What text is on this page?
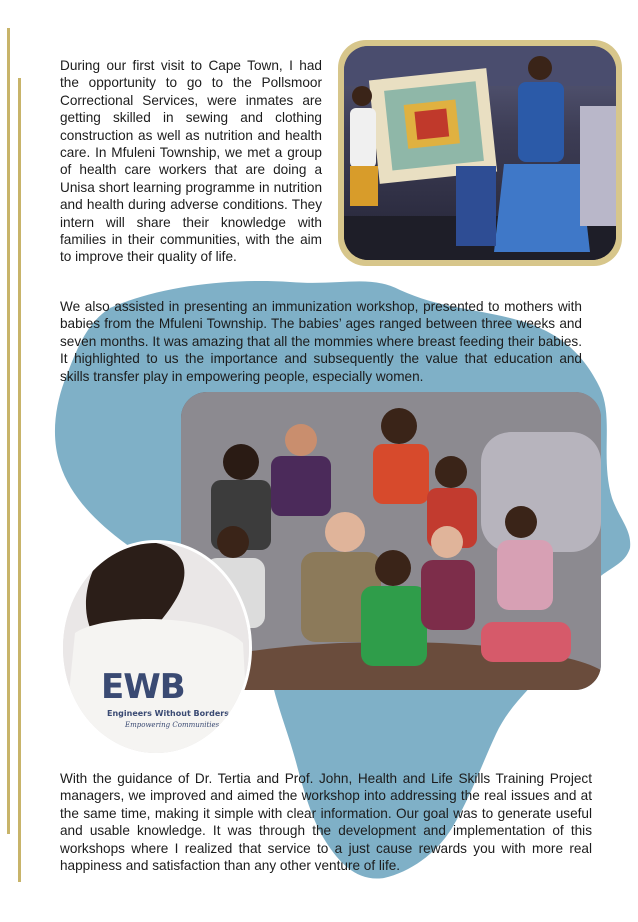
During our first visit to Cape Town, I had the opportunity to go to the Pollsmoor Correctional Services, were inmates are getting skilled in sewing and clothing construction as well as nutrition and health care. In Mfuleni Township, we met a group of health care workers that are doing a Unisa short learning programme in nutrition and health during adverse conditions. They intern will share their knowledge with families in their communities, with the aim to improve their quality of life.

We also assisted in presenting an immunization workshop, presented to mothers with babies from the Mfuleni Township. The babies’ ages ranged between three weeks and seven months. It was amazing that all the mommies where breast feeding their babies. It highlighted to us the importance and subsequently the value that education and skills transfer play in empowering people, especially women.

EWB
Engineers Without Borders
Empowering Communities

With the guidance of Dr. Tertia and Prof. John, Health and Life Skills Training Project managers, we improved and aimed the workshop into addressing the real issues and at the same time, making it simple with clear information. Our goal was to generate useful and usable knowledge. It was through the development and implementation of this workshops where I realized that service to a just cause rewards you with more real happiness and satisfaction than any other venture of life.
